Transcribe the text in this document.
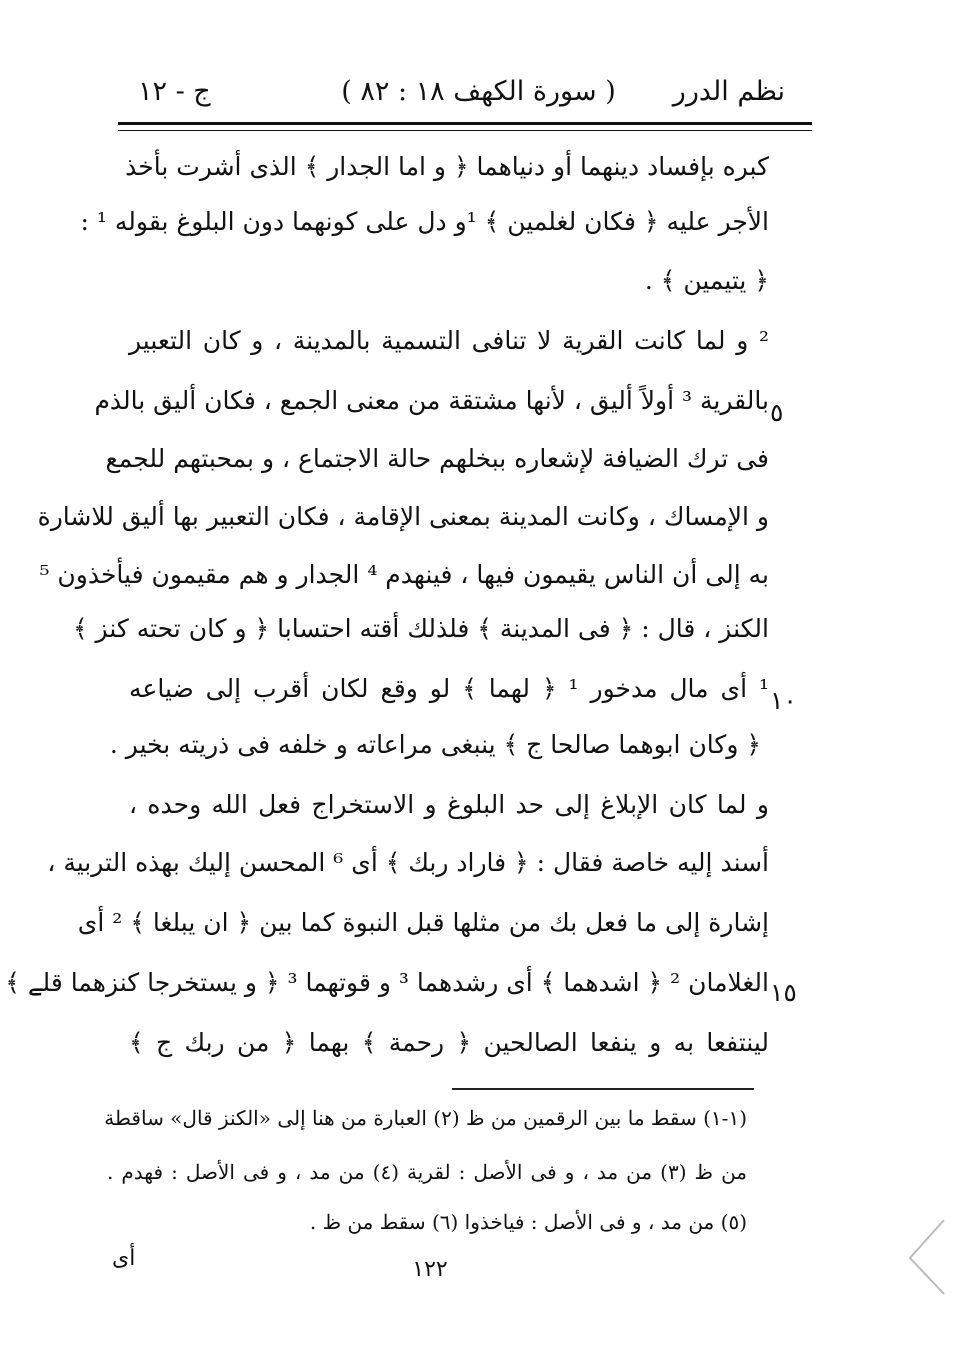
نظم الدرر
( سورة الكهف ١٨ : ٨٢ )
ج - ١٢
كبره بإفساد دينهما أو دنياهما ﴿ و اما الجدار ﴾ الذى أشرت بأخذ
الأجر عليه ﴿ فكان لغلمين ﴾ ¹و دل على كونهما دون البلوغ بقوله ¹ :
﴿ يتيمين ﴾ .
² و لما كانت القرية لا تنافى التسمية بالمدينة ، و كان التعبير
بالقرية ³ أولاً أليق ، لأنها مشتقة من معنى الجمع ، فكان أليق بالذم
فى ترك الضيافة لإشعاره ببخلهم حالة الاجتماع ، و بمحبتهم للجمع
و الإمساك ، وكانت المدينة بمعنى الإقامة ، فكان التعبير بها أليق للاشارة
به إلى أن الناس يقيمون فيها ، فينهدم ⁴ الجدار و هم مقيمون فيأخذون ⁵
الكنز ، قال : ﴿ فى المدينة ﴾ فلذلك أقته احتسابا ﴿ و كان تحته كنز ﴾
¹ أى مال مدخور ¹ ﴿ لهما ﴾ لو وقع لكان أقرب إلى ضياعه
﴿ وكان ابوهما صالحا ج ﴾ ينبغى مراعاته و خلفه فى ذريته بخير .
و لما كان الإبلاغ إلى حد البلوغ و الاستخراج فعل الله وحده ،
أسند إليه خاصة فقال : ﴿ فاراد ربك ﴾ أى ⁶ المحسن إليك بهذه التربية ،
إشارة إلى ما فعل بك من مثلها قبل النبوة كما بين ﴿ ان يبلغا ﴾ ² أى
الغلامان ² ﴿ اشدهما ﴾ أى رشدهما ³ و قوتهما ³ ﴿ و يستخرجا كنزهما قلے ﴾
لينتفعا به و ينفعا الصالحين ﴿ رحمة ﴾ بهما ﴿ من ربك ج ﴾
٥
١٠
١٥
(١-١) سقط ما بين الرقمين من ظ (٢) العبارة من هنا إلى «الكنز قال» ساقطة
من ظ (٣) من مد ، و فى الأصل : لقرية (٤) من مد ، و فى الأصل : فهدم .
(٥) من مد ، و فى الأصل : فياخذوا (٦) سقط من ظ .
أى	١٢٢
